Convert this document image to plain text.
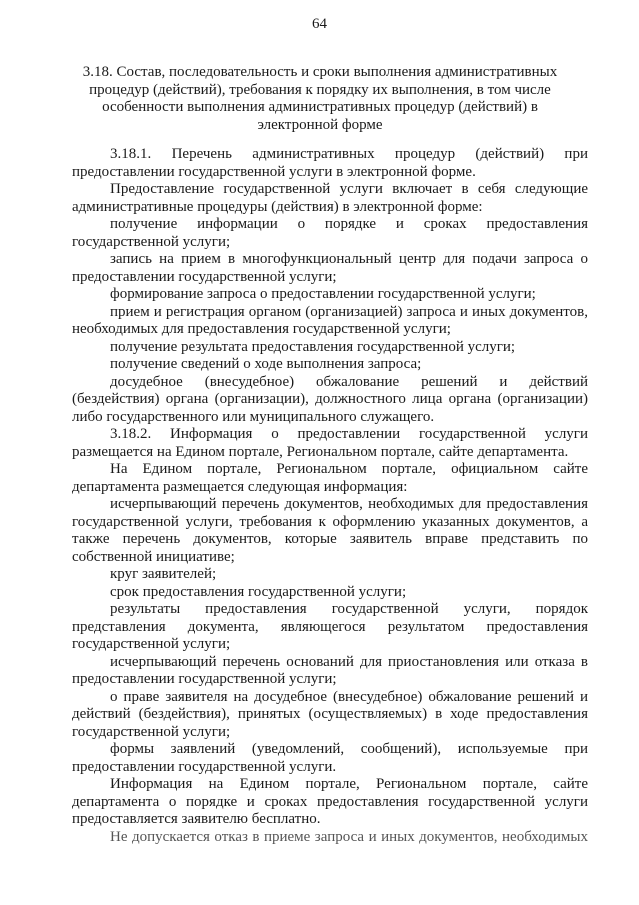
64
3.18. Состав, последовательность и сроки выполнения административных
процедур (действий), требования к порядку их выполнения, в том числе
особенности выполнения административных процедур (действий) в
электронной форме

3.18.1. Перечень административных процедур (действий) при предоставлении государственной услуги в электронной форме.

Предоставление государственной услуги включает в себя следующие административные процедуры (действия) в электронной форме:

получение информации о порядке и сроках предоставления государственной услуги;

запись на прием в многофункциональный центр для подачи запроса о предоставлении государственной услуги;

формирование запроса о предоставлении государственной услуги;

прием и регистрация органом (организацией) запроса и иных документов, необходимых для предоставления государственной услуги;

получение результата предоставления государственной услуги;

получение сведений о ходе выполнения запроса;

досудебное (внесудебное) обжалование решений и действий (бездействия) органа (организации), должностного лица органа (организации) либо государственного или муниципального служащего.

3.18.2. Информация о предоставлении государственной услуги размещается на Едином портале, Региональном портале, сайте департамента.

На Едином портале, Региональном портале, официальном сайте департамента размещается следующая информация:

исчерпывающий перечень документов, необходимых для предоставления государственной услуги, требования к оформлению указанных документов, а также перечень документов, которые заявитель вправе представить по собственной инициативе;

круг заявителей;

срок предоставления государственной услуги;

результаты предоставления государственной услуги, порядок представления документа, являющегося результатом предоставления государственной услуги;

исчерпывающий перечень оснований для приостановления или отказа в предоставлении государственной услуги;

о праве заявителя на досудебное (внесудебное) обжалование решений и действий (бездействия), принятых (осуществляемых) в ходе предоставления государственной услуги;

формы заявлений (уведомлений, сообщений), используемые при предоставлении государственной услуги.

Информация на Едином портале, Региональном портале, сайте департамента о порядке и сроках предоставления государственной услуги предоставляется заявителю бесплатно.

Не допускается отказ в приеме запроса и иных документов, необходимых
